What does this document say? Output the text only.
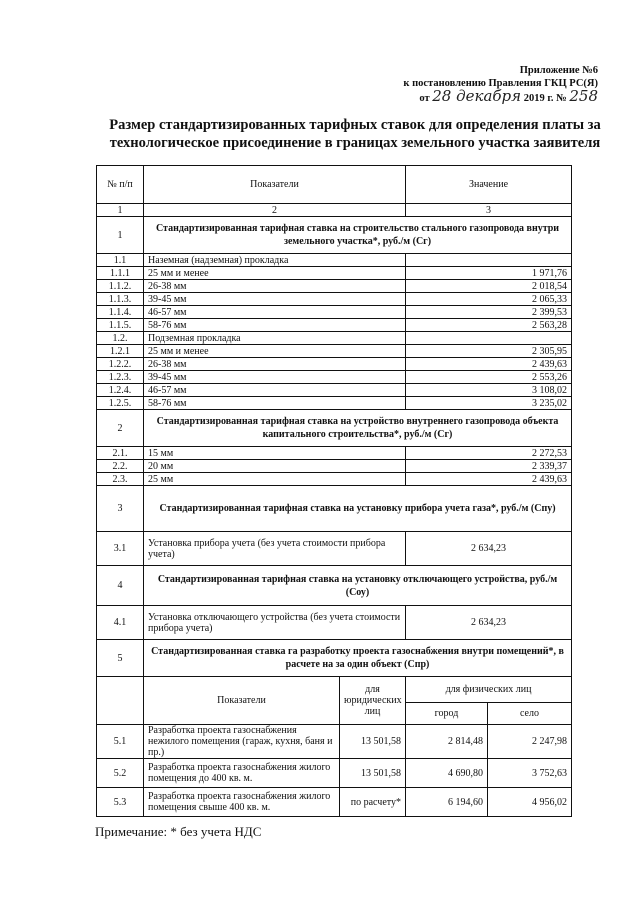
Приложение №6
к постановлению Правления ГКЦ РС(Я)
от 28 декабря 2019 г. № 258
Размер стандартизированных тарифных ставок для определения платы за технологическое присоединение в границах земельного участка заявителя
№ п/п	Показатели		Значение	
1	2		3	
1	Стандартизированная тарифная ставка на строительство стального газопровода внутри земельного участка*, руб./м (Сг)			
1.1	Наземная (надземная) прокладка			
1.1.1	25 мм и менее		1 971,76	
1.1.2.	26-38 мм		2 018,54	
1.1.3.	39-45 мм		2 065,33	
1.1.4.	46-57 мм		2 399,53	
1.1.5.	58-76 мм		2 563,28	
1.2.	Подземная прокладка			
1.2.1	25 мм и менее		2 305,95	
1.2.2.	26-38 мм		2 439,63	
1.2.3.	39-45 мм		2 553,26	
1.2.4.	46-57 мм		3 108,02	
1.2.5.	58-76 мм		3 235,02	
2	Стандартизированная тарифная ставка на устройство внутреннего газопровода объекта капитального строительства*, руб./м (Сг)			
2.1.	15 мм		2 272,53	
2.2.	20 мм		2 339,37	
2.3.	25 мм		2 439,63	
3	Стандартизированная тарифная ставка на установку прибора учета газа*, руб./м (Спу)			
3.1	Установка прибора учета (без учета стоимости прибора учета)		2 634,23	
4	Стандартизированная тарифная ставка на установку отключающего устройства, руб./м (Соу)			
4.1	Установка отключающего устройства (без учета стоимости прибора учета)		2 634,23	
5	Стандартизированная ставка га разработку проекта газоснабжения внутри помещений*, в расчете на за один объект (Спр)			
	Показатели	для юридических лиц	для физических лиц	
			город	село
5.1	Разработка проекта газоснабжения нежилого помещения (гараж, кухня, баня и пр.)	13 501,58	2 814,48	2 247,98
5.2	Разработка проекта газоснабжения жилого помещения до 400 кв. м.	13 501,58	4 690,80	3 752,63
5.3	Разработка проекта газоснабжения жилого помещения свыше 400 кв. м.	по расчету*	6 194,60	4 956,02
Примечание: * без учета НДС
